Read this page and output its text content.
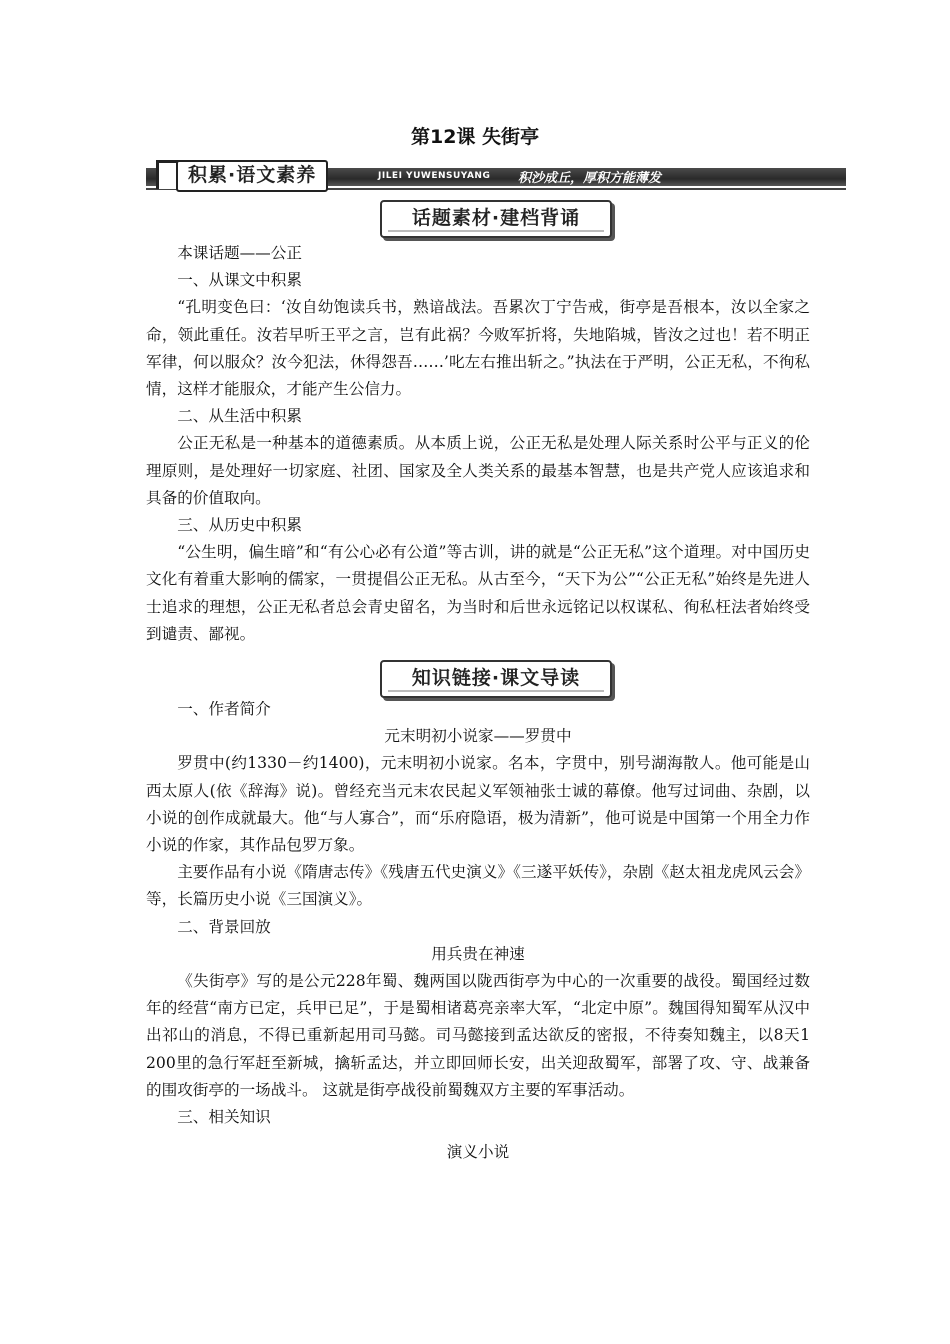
第12课 失街亭
积累·语文素养	JILEI YUWENSUYANG 积沙成丘，厚积方能薄发
话题素材·建档背诵

本课话题——公正

一、从课文中积累

“孔明变色曰：‘汝自幼饱读兵书，熟谙战法。吾累次丁宁告戒，街亭是吾根本，汝以全家之命，领此重任。汝若早听王平之言，岂有此祸？今败军折将，失地陷城，皆汝之过也！若不明正军律，何以服众？汝今犯法，休得怨吾……’叱左右推出斩之。”执法在于严明，公正无私，不徇私情，这样才能服众，才能产生公信力。

二、从生活中积累

公正无私是一种基本的道德素质。从本质上说，公正无私是处理人际关系时公平与正义的伦理原则，是处理好一切家庭、社团、国家及全人类关系的最基本智慧，也是共产党人应该追求和具备的价值取向。

三、从历史中积累

“公生明，偏生暗”和“有公心必有公道”等古训，讲的就是“公正无私”这个道理。对中国历史文化有着重大影响的儒家，一贯提倡公正无私。从古至今，“天下为公”“公正无私”始终是先进人士追求的理想，公正无私者总会青史留名，为当时和后世永远铭记以权谋私、徇私枉法者始终受到谴责、鄙视。

一、作者简介

元末明初小说家——罗贯中

罗贯中(约1330－约1400)，元末明初小说家。名本，字贯中，别号湖海散人。他可能是山西太原人(依《辞海》说)。曾经充当元末农民起义军领袖张士诚的幕僚。他写过词曲、杂剧，以小说的创作成就最大。他“与人寡合”，而“乐府隐语，极为清新”，他可说是中国第一个用全力作小说的作家，其作品包罗万象。

主要作品有小说《隋唐志传》《残唐五代史演义》《三遂平妖传》，杂剧《赵太祖龙虎风云会》等，长篇历史小说《三国演义》。

二、背景回放

用兵贵在神速

《失街亭》写的是公元228年蜀、魏两国以陇西街亭为中心的一次重要的战役。蜀国经过数年的经营“南方已定，兵甲已足”，于是蜀相诸葛亮亲率大军，“北定中原”。魏国得知蜀军从汉中出祁山的消息，不得已重新起用司马懿。司马懿接到孟达欲反的密报，不待奏知魏主，以8天1 200里的急行军赶至新城，擒斩孟达，并立即回师长安，出关迎敌蜀军，部署了攻、守、战兼备的围攻街亭的一场战斗。 这就是街亭战役前蜀魏双方主要的军事活动。

三、相关知识

演义小说

知识链接·课文导读
